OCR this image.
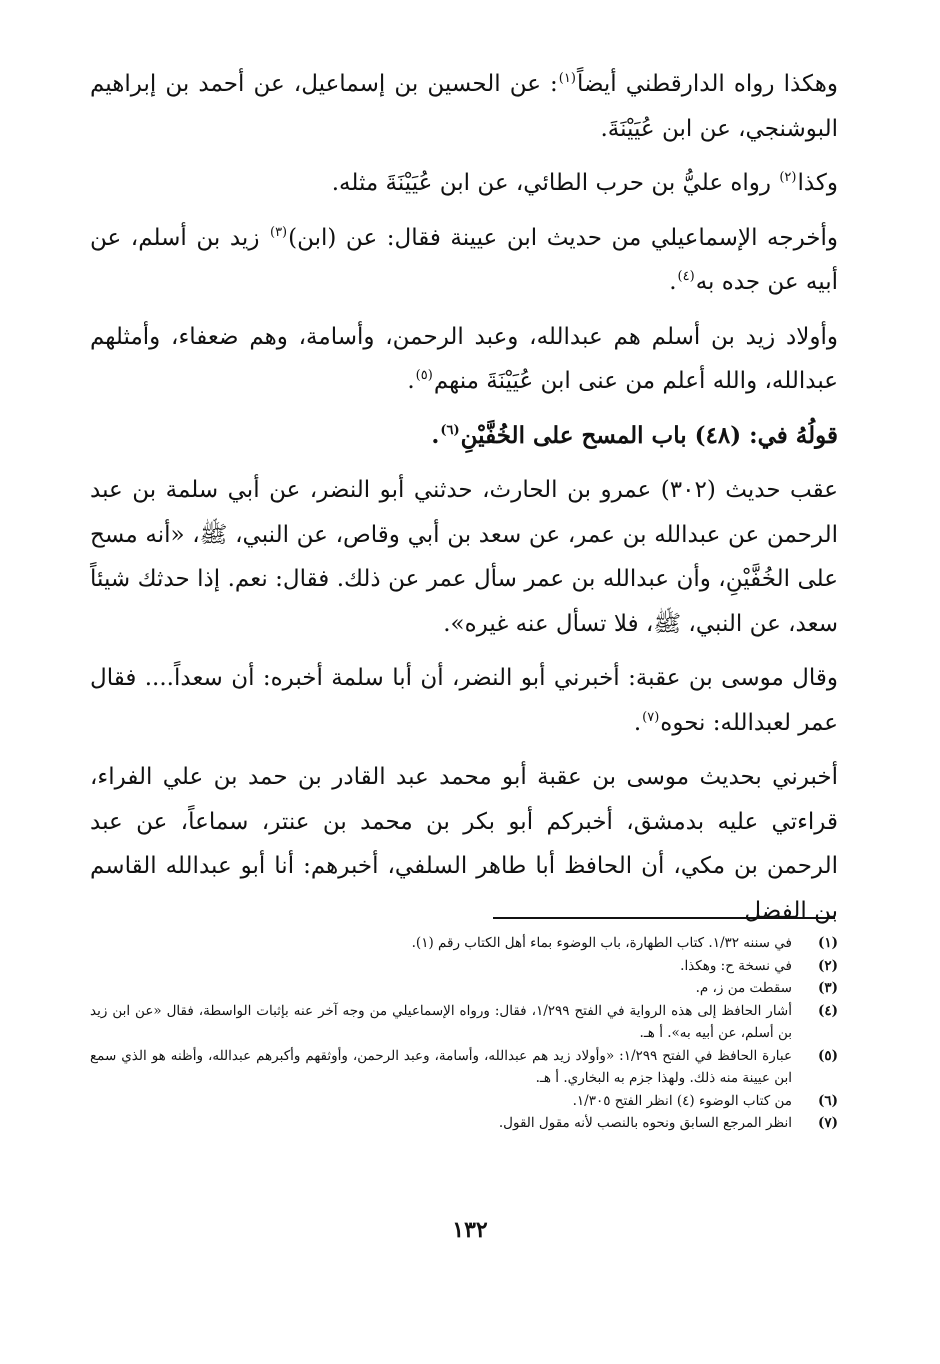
وهكذا رواه الدارقطني أيضاً$^{(١)}$: عن الحسين بن إسماعيل، عن أحمد بن إبراهيم البوشنجي، عن ابن عُيَيْنَةَ.

وكذا$^{(٢)}$ رواه عليُّ بن حرب الطائي، عن ابن عُيَيْنَةَ مثله.

وأخرجه الإسماعيلي من حديث ابن عيينة فقال: عن (ابن)$^{(٣)}$ زيد بن أسلم، عن أبيه عن جده به$^{(٤)}$.

وأولاد زيد بن أسلم هم عبدالله، وعبد الرحمن، وأسامة، وهم ضعفاء، وأمثلهم عبدالله، والله أعلم من عنى ابن عُيَيْنَةَ منهم$^{(٥)}$.

قولُهُ في: (٤٨) باب المسح على الخُفَّيْنِ$^{(٦)}$.

عقب حديث (٣٠٢) عمرو بن الحارث، حدثني أبو النضر، عن أبي سلمة بن عبد الرحمن عن عبدالله بن عمر، عن سعد بن أبي وقاص، عن النبي، ﷺ، «أنه مسح على الخُفَّيْنِ، وأن عبدالله بن عمر سأل عمر عن ذلك. فقال: نعم. إذا حدثك شيئاً سعد، عن النبي، ﷺ، فلا تسأل عنه غيره».

وقال موسى بن عقبة: أخبرني أبو النضر، أن أبا سلمة أخبره: أن سعداً.... فقال عمر لعبدالله: نحوه$^{(٧)}$.

أخبرني بحديث موسى بن عقبة أبو محمد عبد القادر بن حمد بن علي الفراء، قراءتي عليه بدمشق، أخبركم أبو بكر بن محمد بن عنتر، سماعاً، عن عبد الرحمن بن مكي، أن الحافظ أبا طاهر السلفي، أخبرهم: أنا أبو عبدالله القاسم بن الفضل

(١)
في سننه ١/٣٢. كتاب الطهارة، باب الوضوء بماء أهل الكتاب رقم (١).
(٢)
في نسخة ح: وهكذا.
(٣)
سقطت من ز، م.
(٤)
أشار الحافظ إلى هذه الرواية في الفتح ١/٢٩٩، فقال: ورواه الإسماعيلي من وجه آخر عنه بإثبات الواسطة، فقال «عن ابن زيد بن أسلم، عن أبيه به». أ هـ.
(٥)
عبارة الحافظ في الفتح ١/٢٩٩: «وأولاد زيد هم عبدالله، وأسامة، وعبد الرحمن، وأوثقهم وأكبرهم عبدالله، وأظنه هو الذي سمع ابن عيينة منه ذلك. ولهذا جزم به البخاري. أ هـ.
(٦)
من كتاب الوضوء (٤) انظر الفتح ١/٣٠٥.
(٧)
انظر المرجع السابق ونحوه بالنصب لأنه مقول القول.
١٣٢
